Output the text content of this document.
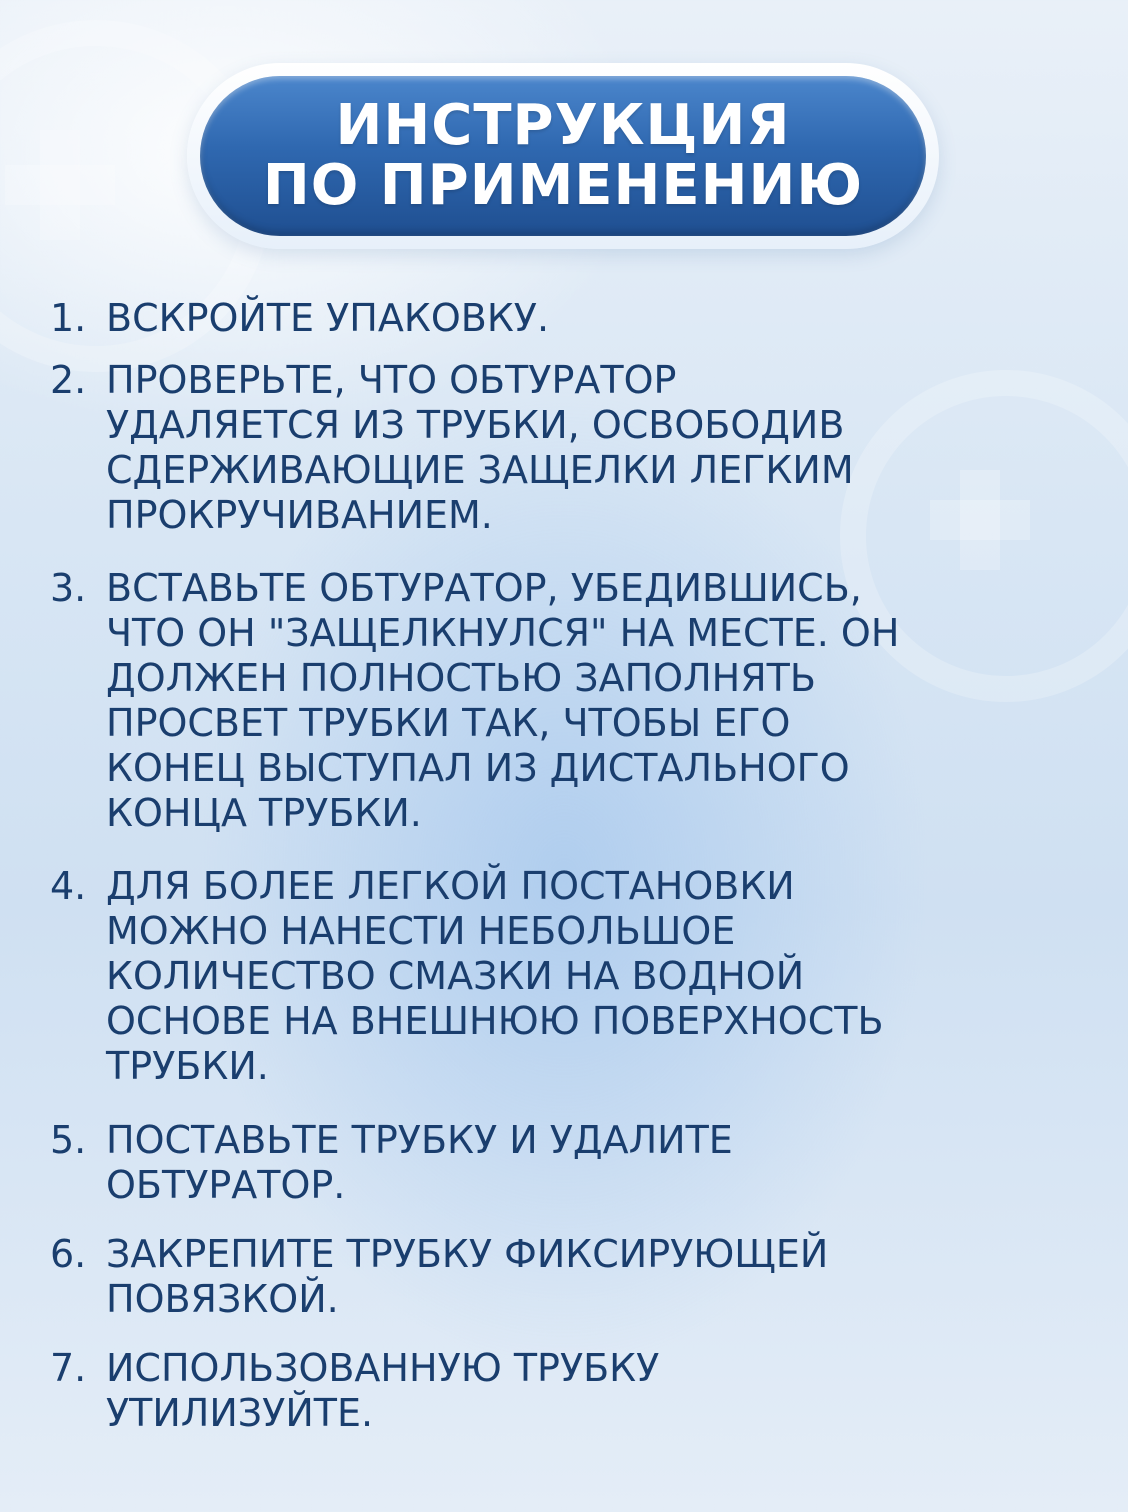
ИНСТРУКЦИЯ
ПО ПРИМЕНЕНИЮ
1. ВСКРОЙТЕ УПАКОВКУ.
2. ПРОВЕРЬТЕ, ЧТО ОБТУРАТОР
УДАЛЯЕТСЯ ИЗ ТРУБКИ, ОСВОБОДИВ
СДЕРЖИВАЮЩИЕ ЗАЩЕЛКИ ЛЕГКИМ
ПРОКРУЧИВАНИЕМ.
3. ВСТАВЬТЕ ОБТУРАТОР, УБЕДИВШИСЬ,
ЧТО ОН "ЗАЩЕЛКНУЛСЯ" НА МЕСТЕ. ОН
ДОЛЖЕН ПОЛНОСТЬЮ ЗАПОЛНЯТЬ
ПРОСВЕТ ТРУБКИ ТАК, ЧТОБЫ ЕГО
КОНЕЦ ВЫСТУПАЛ ИЗ ДИСТАЛЬНОГО
КОНЦА ТРУБКИ.
4. ДЛЯ БОЛЕЕ ЛЕГКОЙ ПОСТАНОВКИ
МОЖНО НАНЕСТИ НЕБОЛЬШОЕ
КОЛИЧЕСТВО СМАЗКИ НА ВОДНОЙ
ОСНОВЕ НА ВНЕШНЮЮ ПОВЕРХНОСТЬ
ТРУБКИ.
5. ПОСТАВЬТЕ ТРУБКУ И УДАЛИТЕ
ОБТУРАТОР.
6. ЗАКРЕПИТЕ ТРУБКУ ФИКСИРУЮЩЕЙ
ПОВЯЗКОЙ.
7. ИСПОЛЬЗОВАННУЮ ТРУБКУ
УТИЛИЗУЙТЕ.
